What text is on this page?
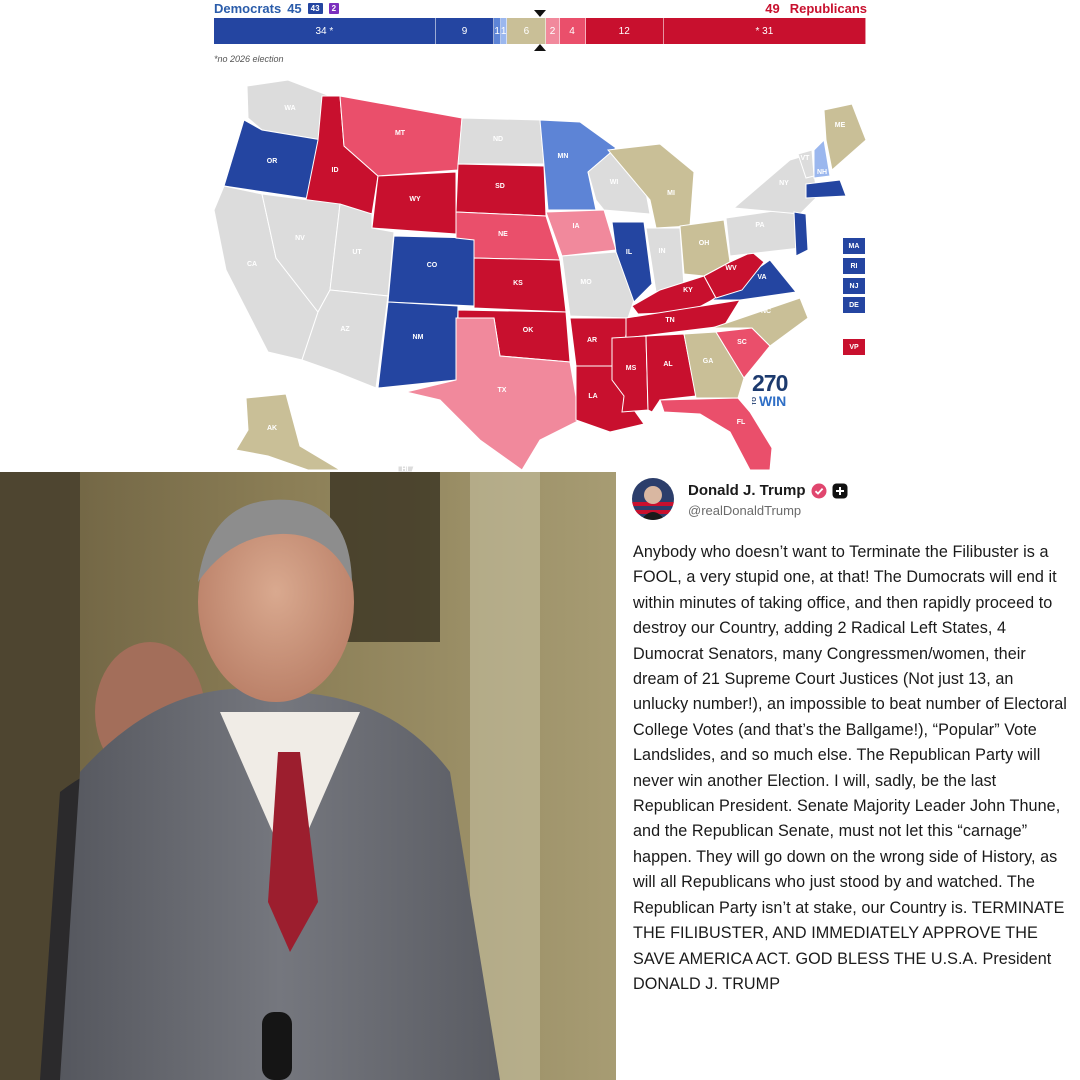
Democrats 45	43	2	49 Republicans
34 *	9	1 1	6	2	4	12	* 31
*no 2026 election
WA
OR
ID
MT
WY
ND
SD
NE
KS
OK
TX
MN
IA
MO
AR
LA
WI
IL
MI
IN
OH
KY
TN
MS
AL	GA
FL
SC
NC
VA
WV
PA
NY
VT
NH
ME
CA
NV
UT
CO
AZ
NM
AK
HI
MA
RI
NJ
DE
VP
270
TO WIN
Donald J. Trump
@realDonaldTrump
Anybody who doesn’t want to Terminate the Filibuster is a FOOL, a very stupid one, at that! The Dumocrats will end it within minutes of taking office, and then rapidly proceed to destroy our Country, adding 2 Radical Left States, 4 Dumocrat Senators, many Congressmen/women, their dream of 21 Supreme Court Justices (Not just 13, an unlucky number!), an impossible to beat number of Electoral College Votes (and that’s the Ballgame!), “Popular” Vote Landslides, and so much else. The Republican Party will never win another Election. I will, sadly, be the last Republican President. Senate Majority Leader John Thune, and the Republican Senate, must not let this “carnage” happen. They will go down on the wrong side of History, as will all Republicans who just stood by and watched. The Republican Party isn’t at stake, our Country is. TERMINATE THE FILIBUSTER, AND IMMEDIATELY APPROVE THE SAVE AMERICA ACT. GOD BLESS THE U.S.A. President DONALD J. TRUMP
